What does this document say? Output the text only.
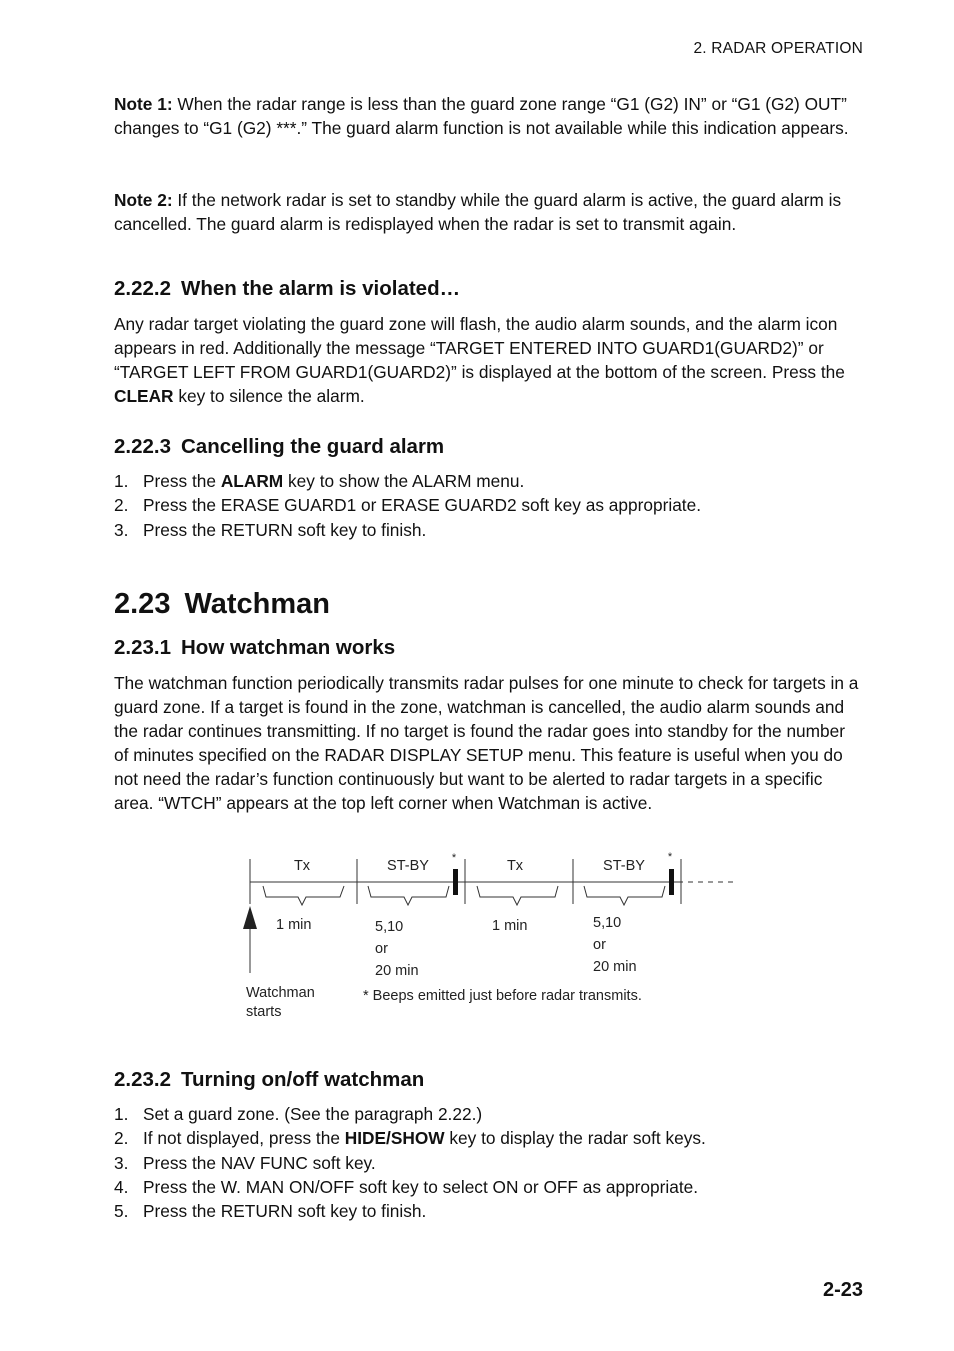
2. RADAR OPERATION

Note 1: When the radar range is less than the guard zone range “G1 (G2) IN” or “G1 (G2) OUT” changes to “G1 (G2) ***.” The guard alarm function is not available while this indication appears.

Note 2: If the network radar is set to standby while the guard alarm is active, the guard alarm is cancelled. The guard alarm is redisplayed when the radar is set to transmit again.

2.22.2 When the alarm is violated…

Any radar target violating the guard zone will flash, the audio alarm sounds, and the alarm icon appears in red. Additionally the message “TARGET ENTERED INTO GUARD1(GUARD2)” or “TARGET LEFT FROM GUARD1(GUARD2)” is displayed at the bottom of the screen. Press the CLEAR key to silence the alarm.

2.22.3 Cancelling the guard alarm
1. Press the ALARM key to show the ALARM menu.
2. Press the ERASE GUARD1 or ERASE GUARD2 soft key as appropriate.
3. Press the RETURN soft key to finish.
2.23 Watchman
2.23.1 How watchman works

The watchman function periodically transmits radar pulses for one minute to check for targets in a guard zone. If a target is found in the zone, watchman is cancelled, the audio alarm sounds and the radar continues transmitting. If no target is found the radar goes into standby for the number of minutes specified on the RADAR DISPLAY SETUP menu. This feature is useful when you do not need the radar’s function continuously but want to be alerted to radar targets in a specific area. “WTCH” appears at the top left corner when Watchman is active.

Tx	ST-BY	Tx	ST-BY
*	*
1 min	1 min
5,10
or
20 min
5,10
or
20 min
Watchman
starts
* Beeps emitted just before radar transmits.
2.23.2 Turning on/off watchman
1. Set a guard zone. (See the paragraph 2.22.)
2. If not displayed, press the HIDE/SHOW key to display the radar soft keys.
3. Press the NAV FUNC soft key.
4. Press the W. MAN ON/OFF soft key to select ON or OFF as appropriate.
5. Press the RETURN soft key to finish.
2-23
